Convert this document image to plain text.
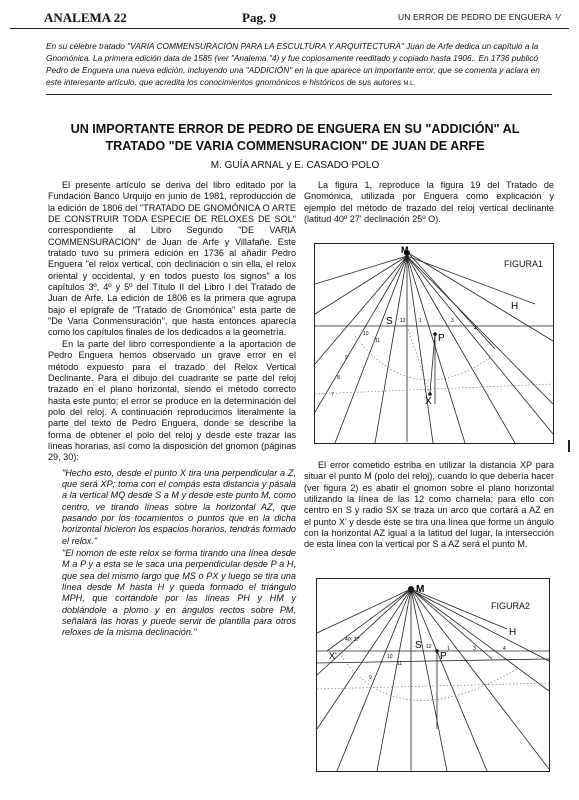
ANALEMA 22	Pag. 9	UN ERROR DE PEDRO DE ENGUERA ⅟
En su célebre tratado "VARIA COMMENSURACIÓN PARA LA ESCULTURA Y ARQUITECTURA" Juan de Arfe dedica un capítulo a la Gnomónica. La primera edición data de 1585 (ver "Analema "4) y fue copiosamente reeditado y copiado hasta 1906.. En 1736 publicó Pedro de Enguera una nueva edición, incluyendo una "ADDICIÓN" en la que aparece un importante error, que se comenta y aclara en este interesante artículo, que acredita los conocimientos gnomónicos e históricos de sus autores M.L.
UN IMPORTANTE ERROR DE PEDRO DE ENGUERA EN SU "ADDICIÓN" AL
TRATADO "DE VARIA COMMENSURACION" DE JUAN DE ARFE
M. GUÍA ARNAL y E. CASADO POLO

El presente artículo se deriva del libro editado por la Fundación Banco Urquijo en junio de 1981, reproducción de la edición de 1806 del "TRATADO DE GNOMÓNICA O ARTE DE CONSTRUIR TODA ESPECIE DE RELOXES DE SOL" correspondiente al Libro Segundo "DE VARIA COMMENSURACION" de Juan de Arfe y Villafañe. Este tratado tuvo su primera edición en 1736 al añadir Pedro Enguera "el relox vertical, con declinación o sin ella, el relox oriental y occidental, y en todos puesto los signos" a los capítulos 3º, 4º y 5º del Título II del Libro I del Tratado de Juan de Arfe. La edición de 1806 es la primera que agrupa bajo el epígrafe de "Tratado de Gnomónica" esta parte de "De Varia Conmensuración", que hasta entonces aparecía como los capítulos finales de los dedicados a la geometría.

En la parte del libro correspondiente a la aportación de Pedro Enguera hemos observado un grave error en el método expuesto para el trazado del Relox Vertical Declinante. Para el dibujo del cuadrante se parte del reloj trazado en el plano horizontal, siendo el método correcto hasta este punto; el error se produce en la determinación del polo del reloj. A continuación reproducimos literalmente la parte del texto de Pedro Enguera, donde se describe la forma de obtener el polo del reloj y desde este trazar las líneas horarias, así como la disposición del gnomon (páginas 29, 30):

"Hecho esto, desde el punto X tira una perpendicular a Z, que será XP; toma con el compás esta distancia y pásala a la vertical MQ desde S a M y desde este punto M, como centro, ve tirando líneas sobre la horizontal AZ, que pasando por los tocamientos o puntos que en la dicha horizontal hicieron los espacios horarios, tendrás formado el relox."

"El nomon de este relox se forma tirando una línea desde M a P y a esta se le saca una perpendicular desde P a H, que sea del mismo largo que MS o PX y luego se tira una línea desde M hasta H y queda formado el triángulo MPH, que cortándole por las líneas PH y HM y doblándole a plomo y en ángulos rectos sobre PM, señalará las horas y puede servir de plantilla para otros reloxes de la misma declinación."

La figura 1, reproduce la figura 19 del Tratado de Gnomónica, utilizada por Enguera como explicación y ejemplo del método de trazado del reloj vertical declinante (latitud 40º 27' declinación 25º O).

M
H
S
P
X
12	1	3
4
10
11
9
8
7
FIGURA1

El error cometido estriba en utilizar la distancia XP para situar el punto M (polo del reloj), cuando lo que debería hacer (ver figura 2) es abatir el gnomon sobre el plano horizontal utilizando la línea de las 12 como charnela; para ello con centro en S y radio SX se traza un arco que cortará a AZ en el punto X' y desde éste se tira una línea que forme un ángulo con la horizontal AZ igual a la latitud del lugar, la intersección de esta línea con la vertical por S a AZ será el punto M.

M
H
S
P
X'
40º 27'
12	1	3	4
10
11
9
FIGURA2
